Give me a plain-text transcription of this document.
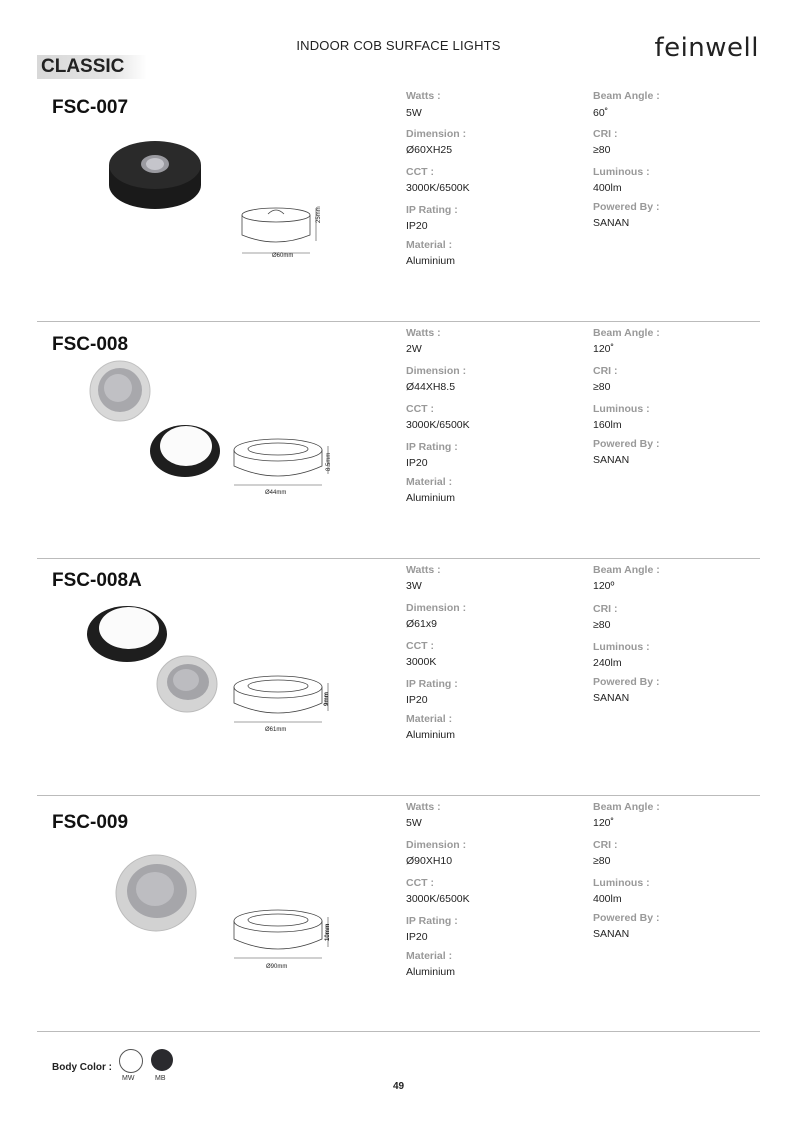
INDOOR COB SURFACE LIGHTS	feinwell
CLASSIC
FSC-007
Ø60mm
25mm
Watts :
5W
Dimension :
Ø60XH25
CCT :
3000K/6500K
IP Rating :
IP20
Material :
Aluminium
Beam Angle :
60˚
CRI :
≥80
Luminous :
400lm
Powered By :
SANAN
FSC-008
Ø44mm
8.5mm
Watts :
2W
Dimension :
Ø44XH8.5
CCT :
3000K/6500K
IP Rating :
IP20
Material :
Aluminium
Beam Angle :
120˚
CRI :
≥80
Luminous :
160lm
Powered By :
SANAN
FSC-008A
Ø61mm
9mm
Watts :
3W
Dimension :
Ø61x9
CCT :
3000K
IP Rating :
IP20
Material :
Aluminium
Beam Angle :
120º
CRI :
≥80
Luminous :
240lm
Powered By :
SANAN
FSC-009
Ø90mm
10mm
Watts :
5W
Dimension :
Ø90XH10
CCT :
3000K/6500K
IP Rating :
IP20
Material :
Aluminium
Beam Angle :
120˚
CRI :
≥80
Luminous :
400lm
Powered By :
SANAN
Body Color :
MW	MB
49
